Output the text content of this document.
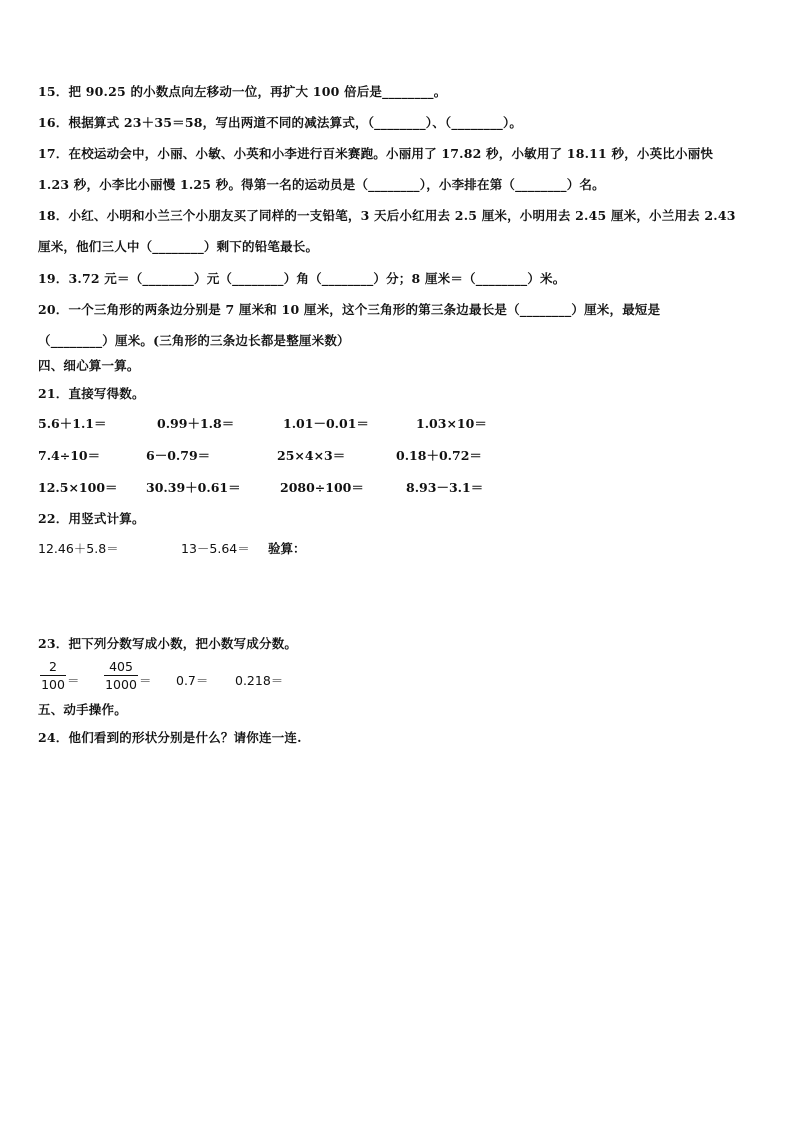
15．把 90.25 的小数点向左移动一位，再扩大 100 倍后是________。
16．根据算式 23＋35＝58，写出两道不同的减法算式，（________）、（________）。
17．在校运动会中，小丽、小敏、小英和小李进行百米赛跑。小丽用了 17.82 秒，小敏用了 18.11 秒，小英比小丽快
1.23 秒，小李比小丽慢 1.25 秒。得第一名的运动员是（________），小李排在第（________）名。
18．小红、小明和小兰三个小朋友买了同样的一支铅笔，3 天后小红用去 2.5 厘米，小明用去 2.45 厘米，小兰用去 2.43
厘米，他们三人中（________）剩下的铅笔最长。
19．3.72 元＝（________）元（________）角（________）分；8 厘米＝（________）米。
20．一个三角形的两条边分别是 7 厘米和 10 厘米，这个三角形的第三条边最长是（________）厘米，最短是
（________）厘米。(三角形的三条边长都是整厘米数）
四、细心算一算。
21．直接写得数。
5.6＋1.1＝	0.99＋1.8＝	1.01－0.01＝	1.03×10＝
7.4÷10＝	6－0.79＝	25×4×3＝	0.18＋0.72＝
12.5×100＝ 30.39＋0.61＝	2080÷100＝	8.93－3.1＝
22．用竖式计算。
12.46＋5.8＝	13－5.64＝ 验算：
23．把下列分数写成小数，把小数写成分数。
2
100 ＝
405
1000 ＝ 0.7＝ 0.218＝
五、动手操作。
24．他们看到的形状分别是什么？请你连一连.
